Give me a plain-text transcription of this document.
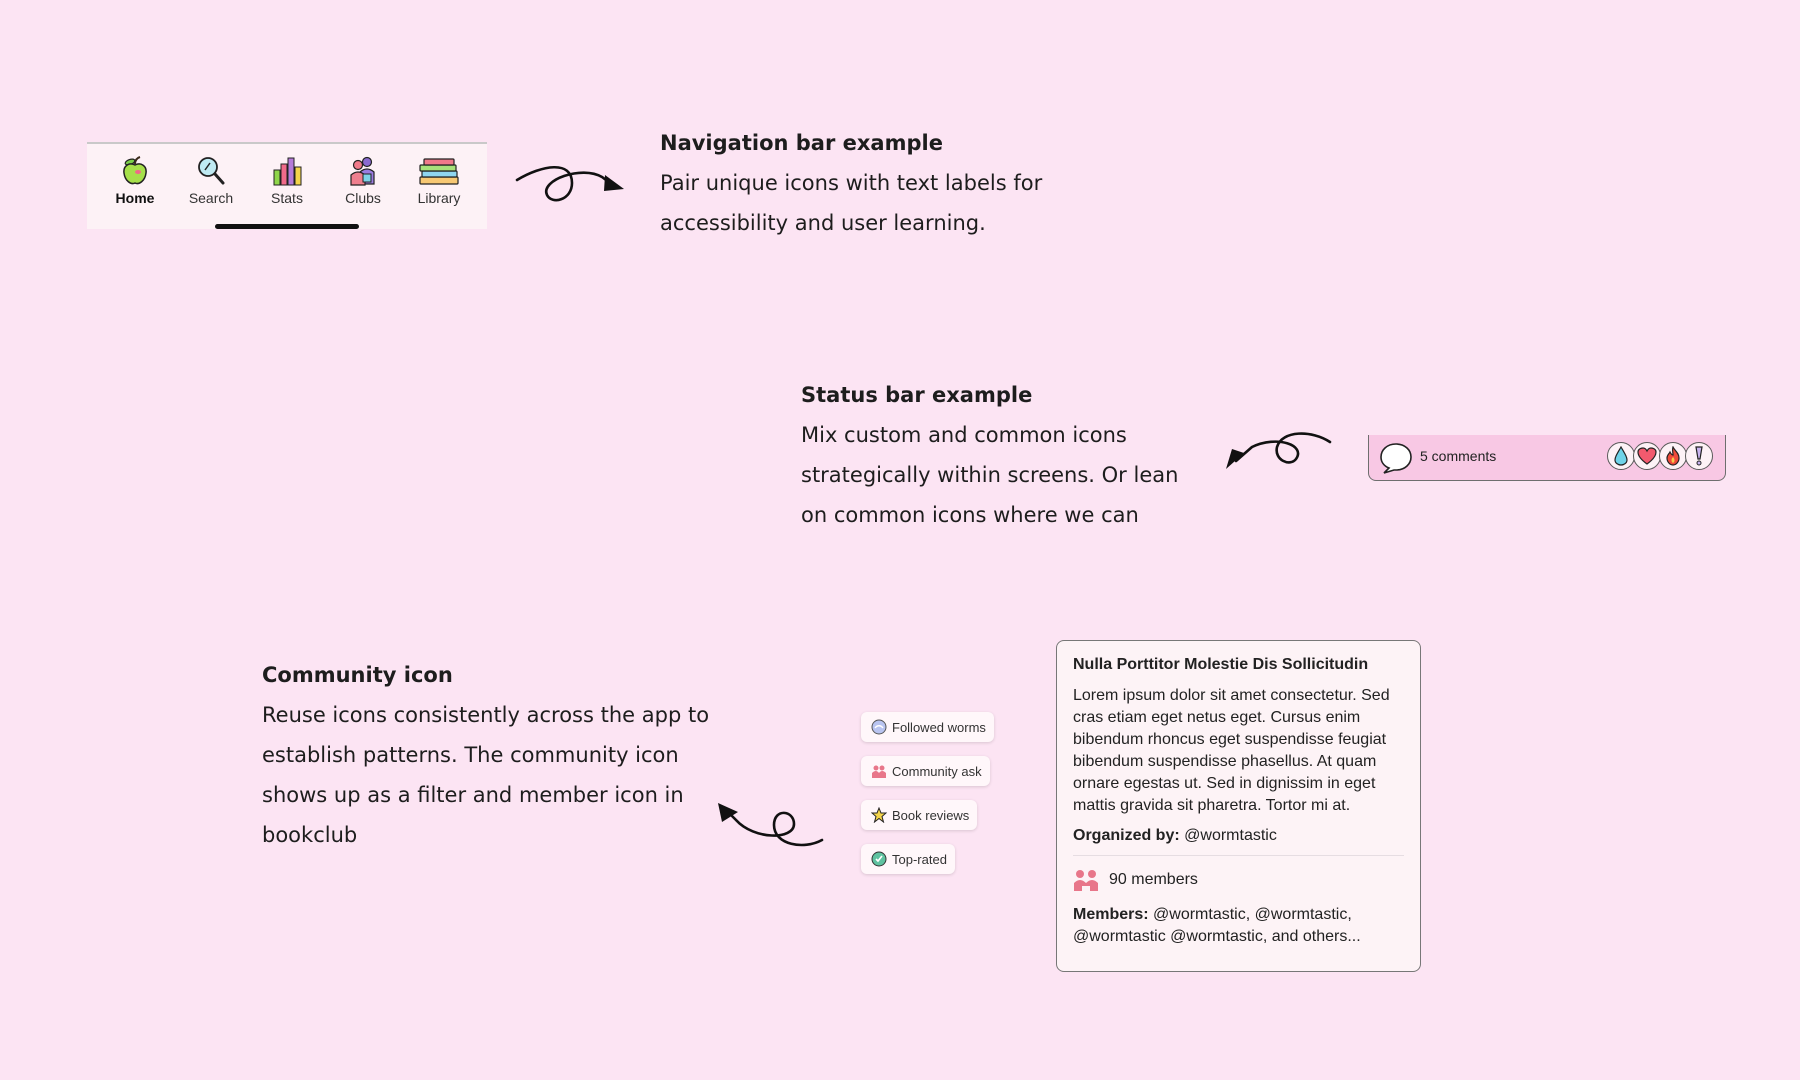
Home	Search	Stats	Clubs	Library
Navigation bar example
Pair unique icons with text labels for accessibility and user learning.
Status bar example
Mix custom and common icons strategically within screens. Or lean on common icons where we can
5 comments
Community icon
Reuse icons consistently across the app to establish patterns. The community icon shows up as a filter and member icon in bookclub
Followed worms
Community ask
Book reviews
Top-rated
Nulla Porttitor Molestie Dis Sollicitudin
Lorem ipsum dolor sit amet consectetur. Sed cras etiam eget netus eget. Cursus enim bibendum rhoncus eget suspendisse feugiat bibendum suspendisse phasellus. At quam ornare egestas ut. Sed in dignissim in eget mattis gravida sit pharetra. Tortor mi at.
Organized by: @wormtastic
90 members
Members: @wormtastic, @wormtastic, @wormtastic @wormtastic, and others...
